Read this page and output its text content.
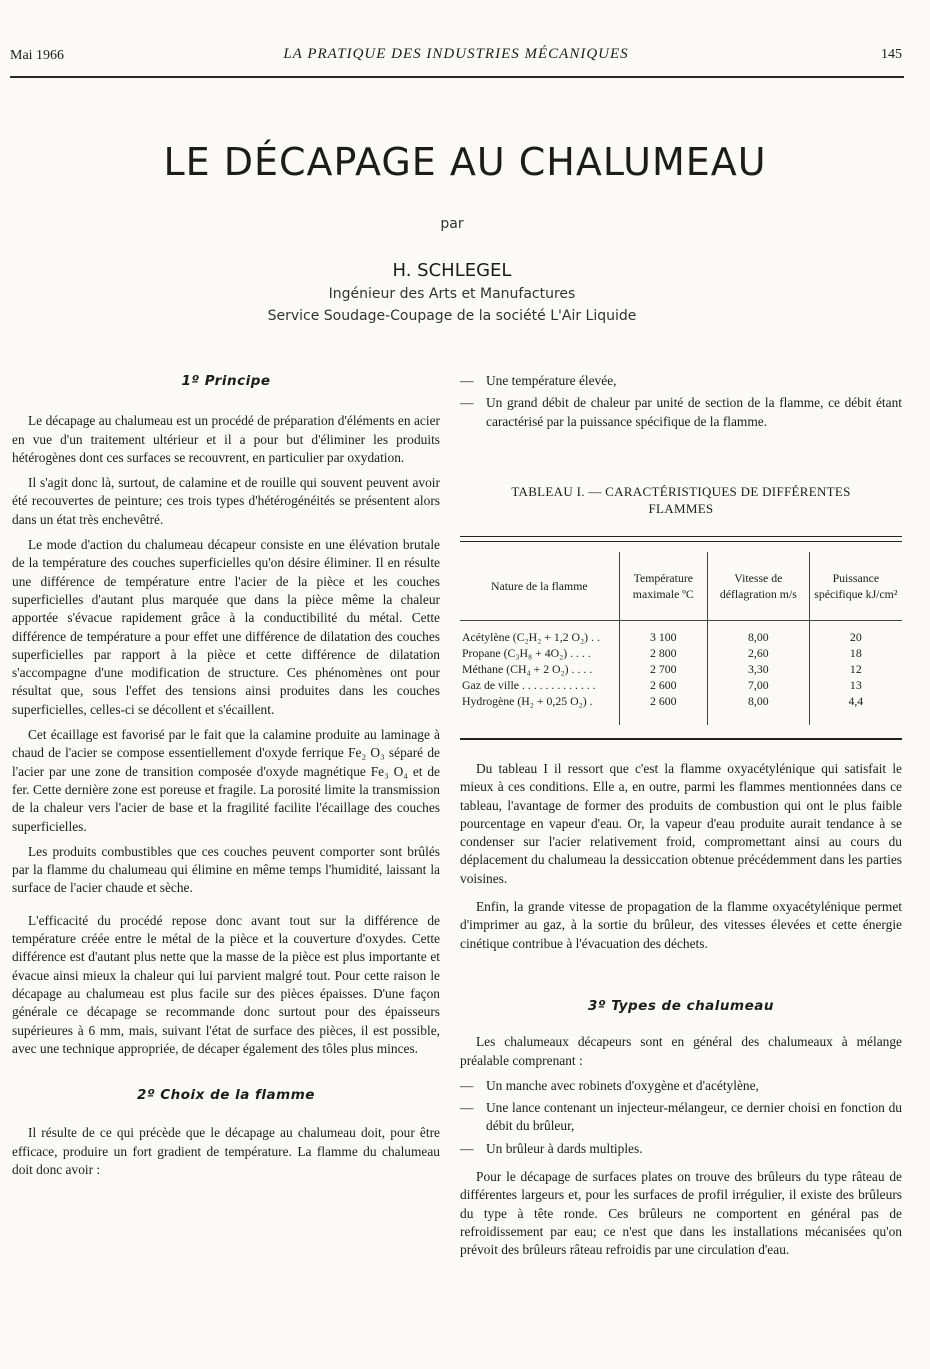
Mai 1966	LA PRATIQUE DES INDUSTRIES MÉCANIQUES	145
LE DÉCAPAGE AU CHALUMEAU
par
H. SCHLEGEL
Ingénieur des Arts et Manufactures
Service Soudage-Coupage de la société L'Air Liquide
1º Principe

Le décapage au chalumeau est un procédé de préparation d'éléments en acier en vue d'un traitement ultérieur et il a pour but d'éliminer les produits hétérogènes dont ces surfaces se recouvrent, en particulier par oxydation.

Il s'agit donc là, surtout, de calamine et de rouille qui souvent peuvent avoir été recouvertes de peinture; ces trois types d'hétérogénéités se présentent alors dans un état très enchevêtré.

Le mode d'action du chalumeau décapeur consiste en une élévation brutale de la température des couches superficielles qu'on désire éliminer. Il en résulte une différence de température entre l'acier de la pièce et les couches superficielles d'autant plus marquée que dans la pièce même la chaleur apportée s'évacue rapidement grâce à la conductibilité du métal. Cette différence de température a pour effet une différence de dilatation des couches superficielles par rapport à la pièce et cette différence de dilatation s'accompagne d'une modification de structure. Ces phénomènes ont pour résultat que, sous l'effet des tensions ainsi produites dans les couches superficielles, celles-ci se décollent et s'écaillent.

Cet écaillage est favorisé par le fait que la calamine produite au laminage à chaud de l'acier se compose essentiellement d'oxyde ferrique Fe₂ O₃ séparé de l'acier par une zone de transition composée d'oxyde magnétique Fe₃ O₄ et de fer. Cette dernière zone est poreuse et fragile. La porosité limite la transmission de la chaleur vers l'acier de base et la fragilité facilite l'écaillage des couches superficielles.

Les produits combustibles que ces couches peuvent comporter sont brûlés par la flamme du chalumeau qui élimine en même temps l'humidité, laissant la surface de l'acier chaude et sèche.

L'efficacité du procédé repose donc avant tout sur la différence de température créée entre le métal de la pièce et la couverture d'oxydes. Cette différence est d'autant plus nette que la masse de la pièce est plus importante et évacue ainsi mieux la chaleur qui lui parvient malgré tout. Pour cette raison le décapage au chalumeau est plus facile sur des pièces épaisses. D'une façon générale ce décapage se recommande donc surtout pour des épaisseurs supérieures à 6 mm, mais, suivant l'état de surface des pièces, il est possible, avec une technique appropriée, de décaper également des tôles plus minces.

2º Choix de la flamme

Il résulte de ce qui précède que le décapage au chalumeau doit, pour être efficace, produire un fort gradient de température. La flamme du chalumeau doit donc avoir :

— Une température élevée,
— Un grand débit de chaleur par unité de section de la flamme, ce débit étant caractérisé par la puissance spécifique de la flamme.
TABLEAU I. — CARACTÉRISTIQUES DE DIFFÉRENTES
FLAMMES
Nature de la flamme	Température maximale ºC	Vitesse de déflagration m/s	Puissance spécifique kJ/cm²
Acétylène (C₂H₂ + 1,2 O₂) . .	3 100	8,00	20
Propane (C₃H₈ + 4O₂) . . . .	2 800	2,60	18
Méthane (CH₄ + 2 O₂) . . . .	2 700	3,30	12
Gaz de ville . . . . . . . . . . . . .	2 600	7,00	13
Hydrogène (H₂ + 0,25 O₂) .	2 600	8,00	4,4

Du tableau I il ressort que c'est la flamme oxyacétylénique qui satisfait le mieux à ces conditions. Elle a, en outre, parmi les flammes mentionnées dans ce tableau, l'avantage de former des produits de combustion qui ont le plus faible pourcentage en vapeur d'eau. Or, la vapeur d'eau produite aurait tendance à se condenser sur l'acier relativement froid, compromettant ainsi au cours du déplacement du chalumeau la dessiccation obtenue précédemment dans les parties voisines.

Enfin, la grande vitesse de propagation de la flamme oxyacétylénique permet d'imprimer au gaz, à la sortie du brûleur, des vitesses élevées et cette énergie cinétique contribue à l'évacuation des déchets.

3º Types de chalumeau

Les chalumeaux décapeurs sont en général des chalumeaux à mélange préalable comprenant :

— Un manche avec robinets d'oxygène et d'acétylène,
— Une lance contenant un injecteur-mélangeur, ce dernier choisi en fonction du débit du brûleur,
— Un brûleur à dards multiples.

Pour le décapage de surfaces plates on trouve des brûleurs du type râteau de différentes largeurs et, pour les surfaces de profil irrégulier, il existe des brûleurs du type à tête ronde. Ces brûleurs ne comportent en général pas de refroidissement par eau; ce n'est que dans les installations mécanisées qu'on prévoit des brûleurs râteau refroidis par une circulation d'eau.
